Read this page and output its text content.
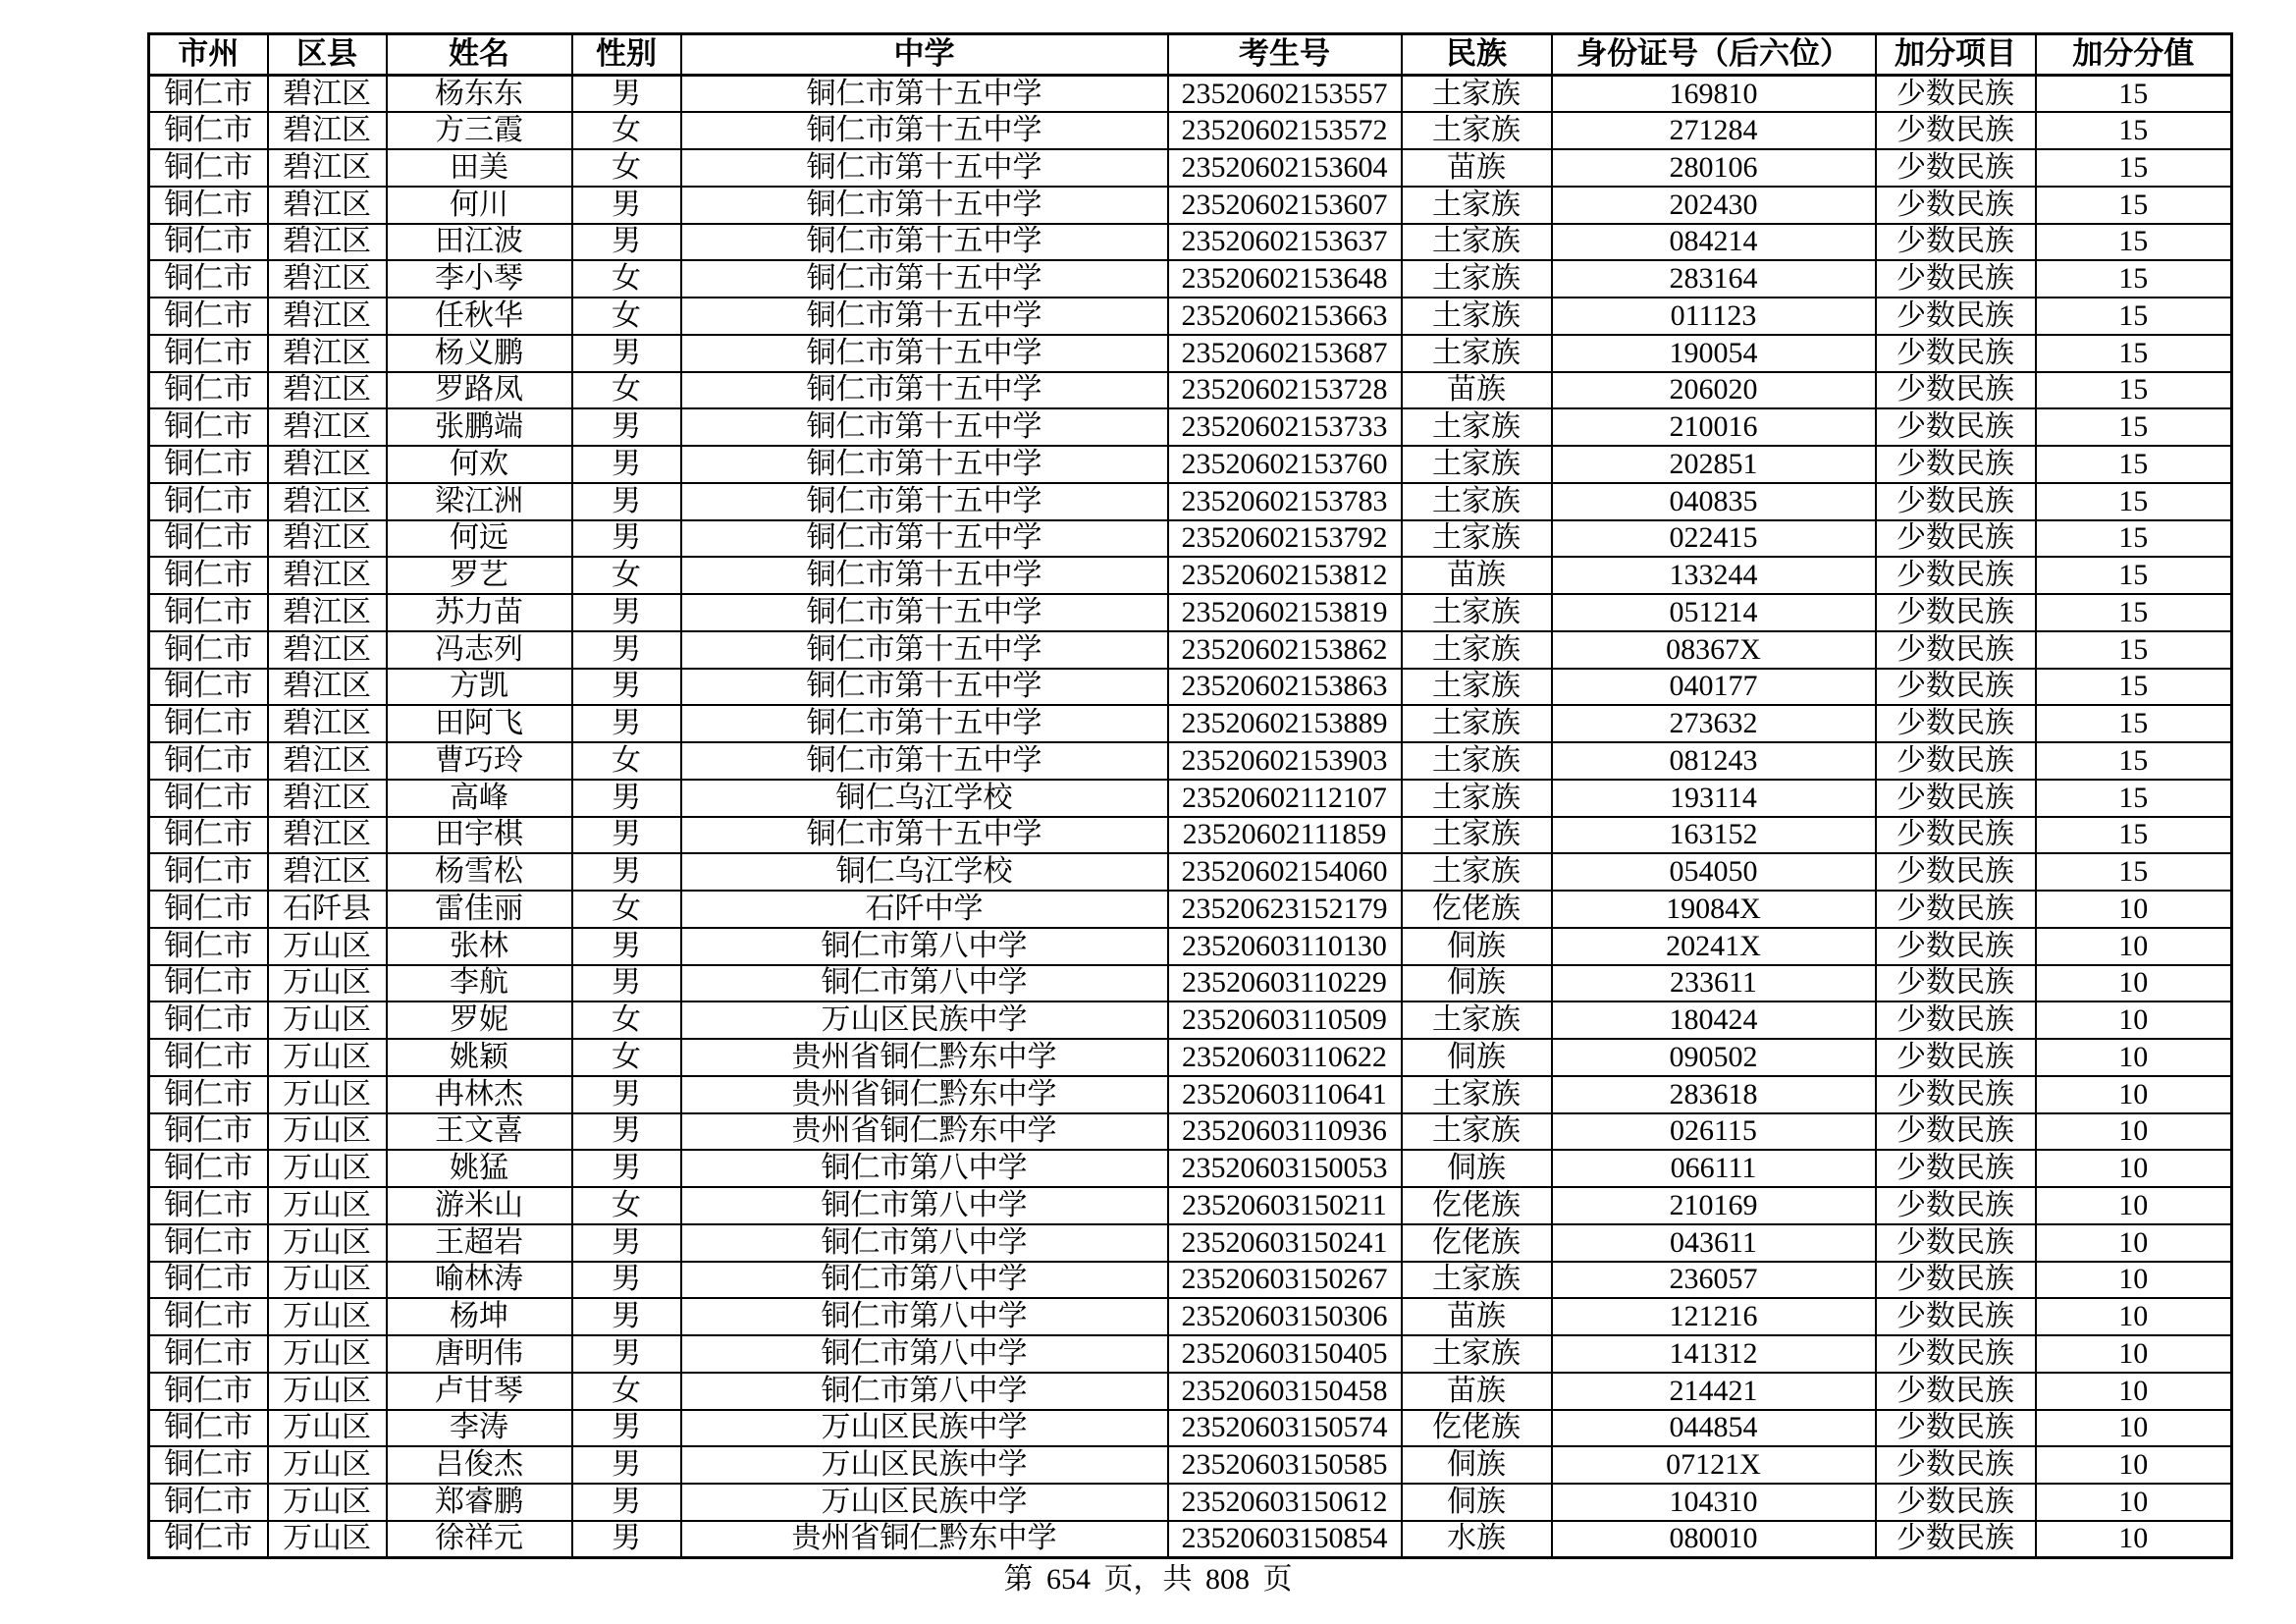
市州	区县	姓名	性别	中学	考生号	民族	身份证号（后六位）	加分项目	加分分值
铜仁市	碧江区	杨东东	男	铜仁市第十五中学	23520602153557	土家族	169810	少数民族	15
铜仁市	碧江区	方三霞	女	铜仁市第十五中学	23520602153572	土家族	271284	少数民族	15
铜仁市	碧江区	田美	女	铜仁市第十五中学	23520602153604	苗族	280106	少数民族	15
铜仁市	碧江区	何川	男	铜仁市第十五中学	23520602153607	土家族	202430	少数民族	15
铜仁市	碧江区	田江波	男	铜仁市第十五中学	23520602153637	土家族	084214	少数民族	15
铜仁市	碧江区	李小琴	女	铜仁市第十五中学	23520602153648	土家族	283164	少数民族	15
铜仁市	碧江区	任秋华	女	铜仁市第十五中学	23520602153663	土家族	011123	少数民族	15
铜仁市	碧江区	杨义鹏	男	铜仁市第十五中学	23520602153687	土家族	190054	少数民族	15
铜仁市	碧江区	罗路凤	女	铜仁市第十五中学	23520602153728	苗族	206020	少数民族	15
铜仁市	碧江区	张鹏端	男	铜仁市第十五中学	23520602153733	土家族	210016	少数民族	15
铜仁市	碧江区	何欢	男	铜仁市第十五中学	23520602153760	土家族	202851	少数民族	15
铜仁市	碧江区	梁江洲	男	铜仁市第十五中学	23520602153783	土家族	040835	少数民族	15
铜仁市	碧江区	何远	男	铜仁市第十五中学	23520602153792	土家族	022415	少数民族	15
铜仁市	碧江区	罗艺	女	铜仁市第十五中学	23520602153812	苗族	133244	少数民族	15
铜仁市	碧江区	苏力苗	男	铜仁市第十五中学	23520602153819	土家族	051214	少数民族	15
铜仁市	碧江区	冯志列	男	铜仁市第十五中学	23520602153862	土家族	08367X	少数民族	15
铜仁市	碧江区	方凯	男	铜仁市第十五中学	23520602153863	土家族	040177	少数民族	15
铜仁市	碧江区	田阿飞	男	铜仁市第十五中学	23520602153889	土家族	273632	少数民族	15
铜仁市	碧江区	曹巧玲	女	铜仁市第十五中学	23520602153903	土家族	081243	少数民族	15
铜仁市	碧江区	高峰	男	铜仁乌江学校	23520602112107	土家族	193114	少数民族	15
铜仁市	碧江区	田宇棋	男	铜仁市第十五中学	23520602111859	土家族	163152	少数民族	15
铜仁市	碧江区	杨雪松	男	铜仁乌江学校	23520602154060	土家族	054050	少数民族	15
铜仁市	石阡县	雷佳丽	女	石阡中学	23520623152179	仡佬族	19084X	少数民族	10
铜仁市	万山区	张林	男	铜仁市第八中学	23520603110130	侗族	20241X	少数民族	10
铜仁市	万山区	李航	男	铜仁市第八中学	23520603110229	侗族	233611	少数民族	10
铜仁市	万山区	罗妮	女	万山区民族中学	23520603110509	土家族	180424	少数民族	10
铜仁市	万山区	姚颖	女	贵州省铜仁黔东中学	23520603110622	侗族	090502	少数民族	10
铜仁市	万山区	冉林杰	男	贵州省铜仁黔东中学	23520603110641	土家族	283618	少数民族	10
铜仁市	万山区	王文喜	男	贵州省铜仁黔东中学	23520603110936	土家族	026115	少数民族	10
铜仁市	万山区	姚猛	男	铜仁市第八中学	23520603150053	侗族	066111	少数民族	10
铜仁市	万山区	游米山	女	铜仁市第八中学	23520603150211	仡佬族	210169	少数民族	10
铜仁市	万山区	王超岩	男	铜仁市第八中学	23520603150241	仡佬族	043611	少数民族	10
铜仁市	万山区	喻林涛	男	铜仁市第八中学	23520603150267	土家族	236057	少数民族	10
铜仁市	万山区	杨坤	男	铜仁市第八中学	23520603150306	苗族	121216	少数民族	10
铜仁市	万山区	唐明伟	男	铜仁市第八中学	23520603150405	土家族	141312	少数民族	10
铜仁市	万山区	卢甘琴	女	铜仁市第八中学	23520603150458	苗族	214421	少数民族	10
铜仁市	万山区	李涛	男	万山区民族中学	23520603150574	仡佬族	044854	少数民族	10
铜仁市	万山区	吕俊杰	男	万山区民族中学	23520603150585	侗族	07121X	少数民族	10
铜仁市	万山区	郑睿鹏	男	万山区民族中学	23520603150612	侗族	104310	少数民族	10
铜仁市	万山区	徐祥元	男	贵州省铜仁黔东中学	23520603150854	水族	080010	少数民族	10
第 654 页，共 808 页
